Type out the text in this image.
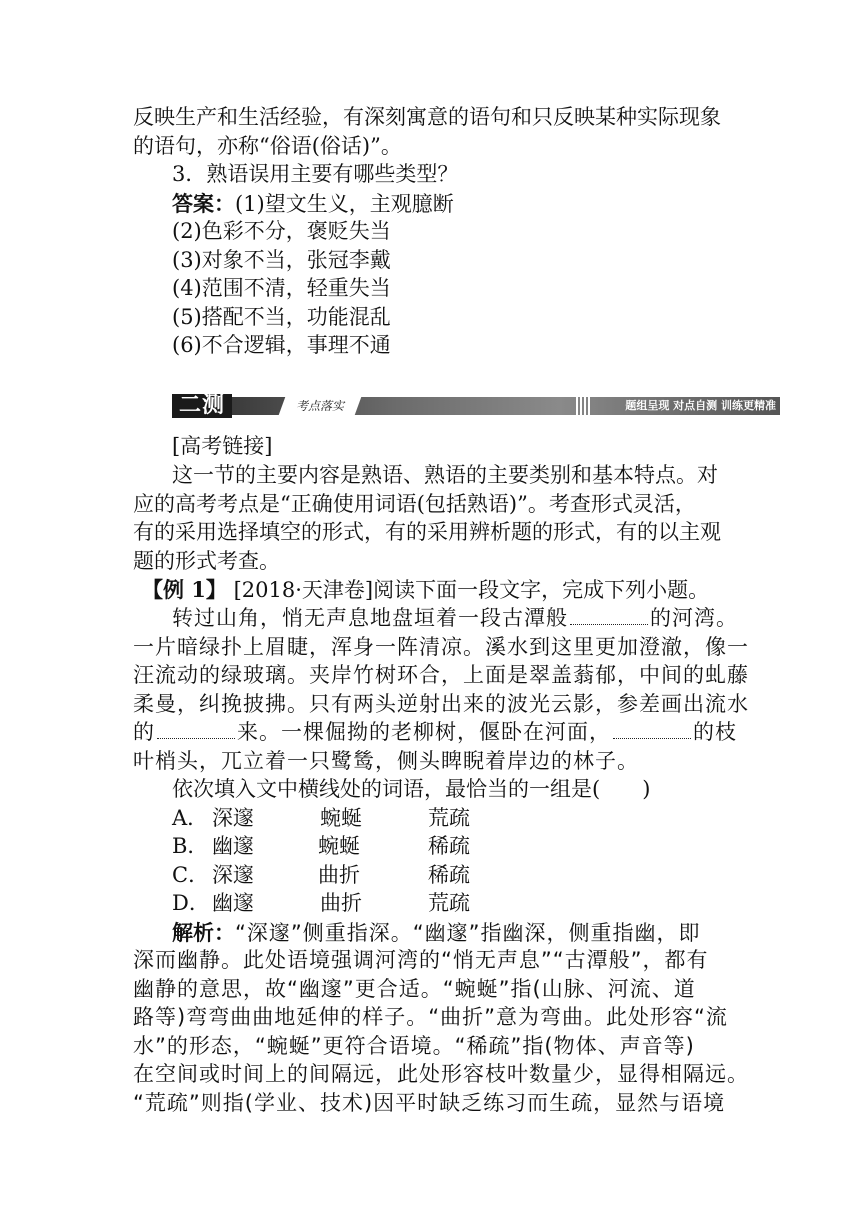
反映生产和生活经验，有深刻寓意的语句和只反映某种实际现象
的语句，亦称“俗语(俗话)”。
3．熟语误用主要有哪些类型？
答案：(1)望文生义，主观臆断
(2)色彩不分，褒贬失当
(3)对象不当，张冠李戴
(4)范围不清，轻重失当
(5)搭配不当，功能混乱
(6)不合逻辑，事理不通
二测	考点落实	题组呈现 对点自测 训练更精准
[高考链接]
这一节的主要内容是熟语、熟语的主要类别和基本特点。对
应的高考考点是“正确使用词语(包括熟语)”。考查形式灵活，
有的采用选择填空的形式，有的采用辨析题的形式，有的以主观
题的形式考查。
【例 1】 [2018·天津卷]阅读下面一段文字，完成下列小题。
转过山角，悄无声息地盘垣着一段古潭般	的河湾。
一片暗绿扑上眉睫，浑身一阵清凉。溪水到这里更加澄澈，像一
汪流动的绿玻璃。夹岸竹树环合，上面是翠盖蓊郁，中间的虬藤
柔曼，纠挽披拂。只有两头逆射出来的波光云影，参差画出流水
的	来。一棵倔拗的老柳树，偃卧在河面，	的枝
叶梢头，兀立着一只鹭鸶，侧头睥睨着岸边的林子。
依次填入文中横线处的词语，最恰当的一组是(　　)
A． 深邃	蜿蜒	荒疏
B． 幽邃	蜿蜒	稀疏
C． 深邃	曲折	稀疏
D． 幽邃	曲折	荒疏
解析：“深邃”侧重指深。“幽邃”指幽深，侧重指幽，即
深而幽静。此处语境强调河湾的“悄无声息”“古潭般”，都有
幽静的意思，故“幽邃”更合适。“蜿蜒”指(山脉、河流、道
路等)弯弯曲曲地延伸的样子。“曲折”意为弯曲。此处形容“流
水”的形态，“蜿蜒”更符合语境。“稀疏”指(物体、声音等)
在空间或时间上的间隔远，此处形容枝叶数量少，显得相隔远。
“荒疏”则指(学业、技术)因平时缺乏练习而生疏，显然与语境
